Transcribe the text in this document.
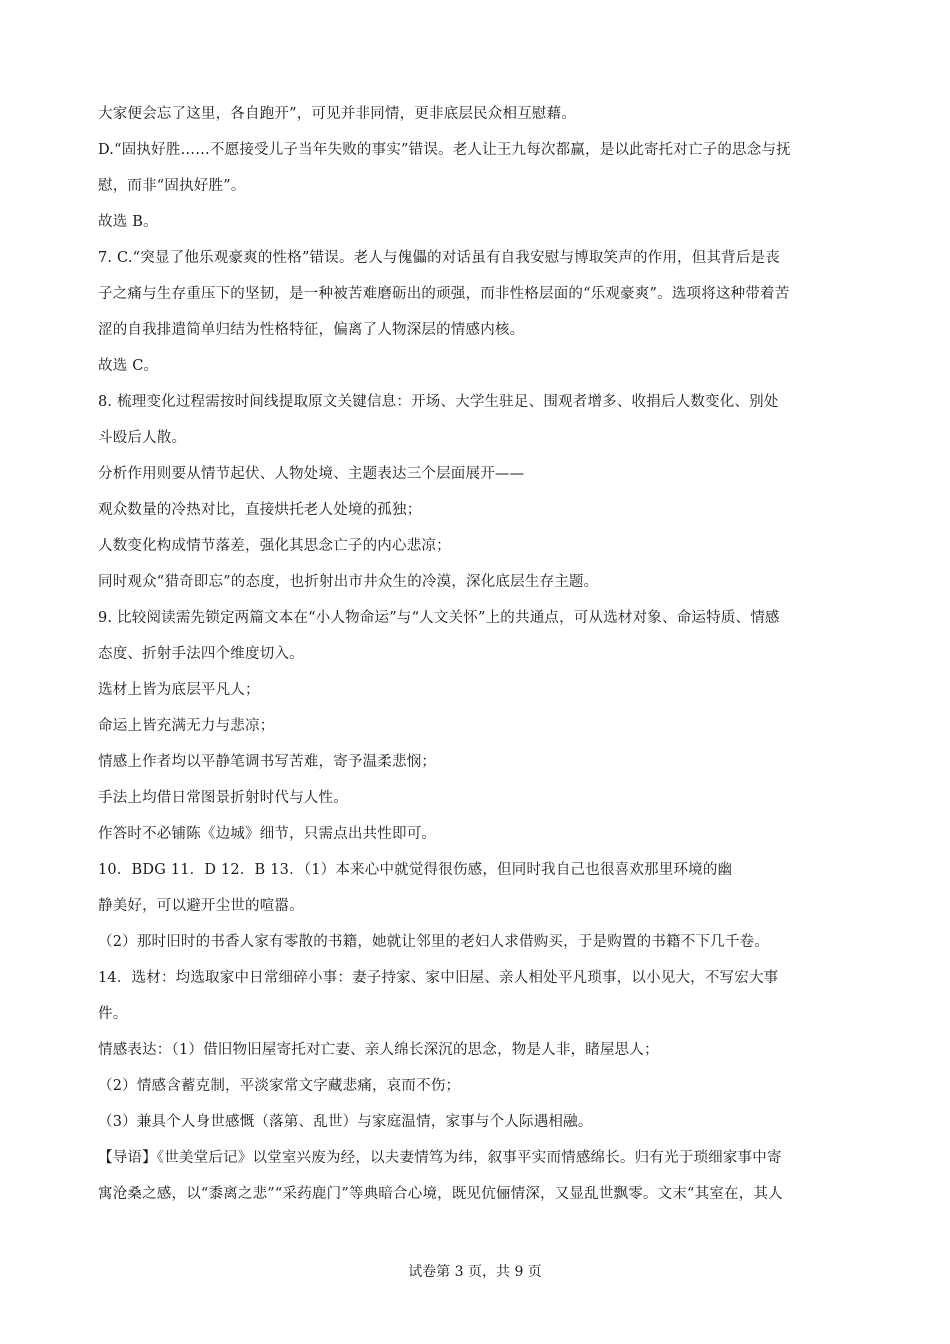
大家便会忘了这里，各自跑开”，可见并非同情，更非底层民众相互慰藉。
D.“固执好胜……不愿接受儿子当年失败的事实”错误。老人让王九每次都赢，是以此寄托对亡子的思念与抚
慰，而非“固执好胜”。
故选 B。
7. C.“突显了他乐观豪爽的性格”错误。老人与傀儡的对话虽有自我安慰与博取笑声的作用，但其背后是丧
子之痛与生存重压下的坚韧，是一种被苦难磨砺出的顽强，而非性格层面的“乐观豪爽”。选项将这种带着苦
涩的自我排遣简单归结为性格特征，偏离了人物深层的情感内核。
故选 C。
8. 梳理变化过程需按时间线提取原文关键信息：开场、大学生驻足、围观者增多、收捐后人数变化、别处
斗殴后人散。
分析作用则要从情节起伏、人物处境、主题表达三个层面展开——
观众数量的冷热对比，直接烘托老人处境的孤独；
人数变化构成情节落差，强化其思念亡子的内心悲凉；
同时观众“猎奇即忘”的态度，也折射出市井众生的冷漠，深化底层生存主题。
9. 比较阅读需先锁定两篇文本在“小人物命运”与“人文关怀”上的共通点，可从选材对象、命运特质、情感
态度、折射手法四个维度切入。
选材上皆为底层平凡人；
命运上皆充满无力与悲凉；
情感上作者均以平静笔调书写苦难，寄予温柔悲悯；
手法上均借日常图景折射时代与人性。
作答时不必铺陈《边城》细节，只需点出共性即可。
10．BDG 11．D 12．B 13．（1）本来心中就觉得很伤感，但同时我自己也很喜欢那里环境的幽
静美好，可以避开尘世的喧嚣。
（2）那时旧时的书香人家有零散的书籍，她就让邻里的老妇人求借购买，于是购置的书籍不下几千卷。
14．选材：均选取家中日常细碎小事：妻子持家、家中旧屋、亲人相处平凡琐事，以小见大，不写宏大事
件。
情感表达：（1）借旧物旧屋寄托对亡妻、亲人绵长深沉的思念，物是人非，睹屋思人；
（2）情感含蓄克制，平淡家常文字藏悲痛，哀而不伤；
（3）兼具个人身世感慨（落第、乱世）与家庭温情，家事与个人际遇相融。
【导语】《世美堂后记》以堂室兴废为经，以夫妻情笃为纬，叙事平实而情感绵长。归有光于琐细家事中寄
寓沧桑之感，以“黍离之悲”“采药鹿门”等典暗合心境，既见伉俪情深，又显乱世飘零。文末“其室在，其人
试卷第 3 页，共 9 页
